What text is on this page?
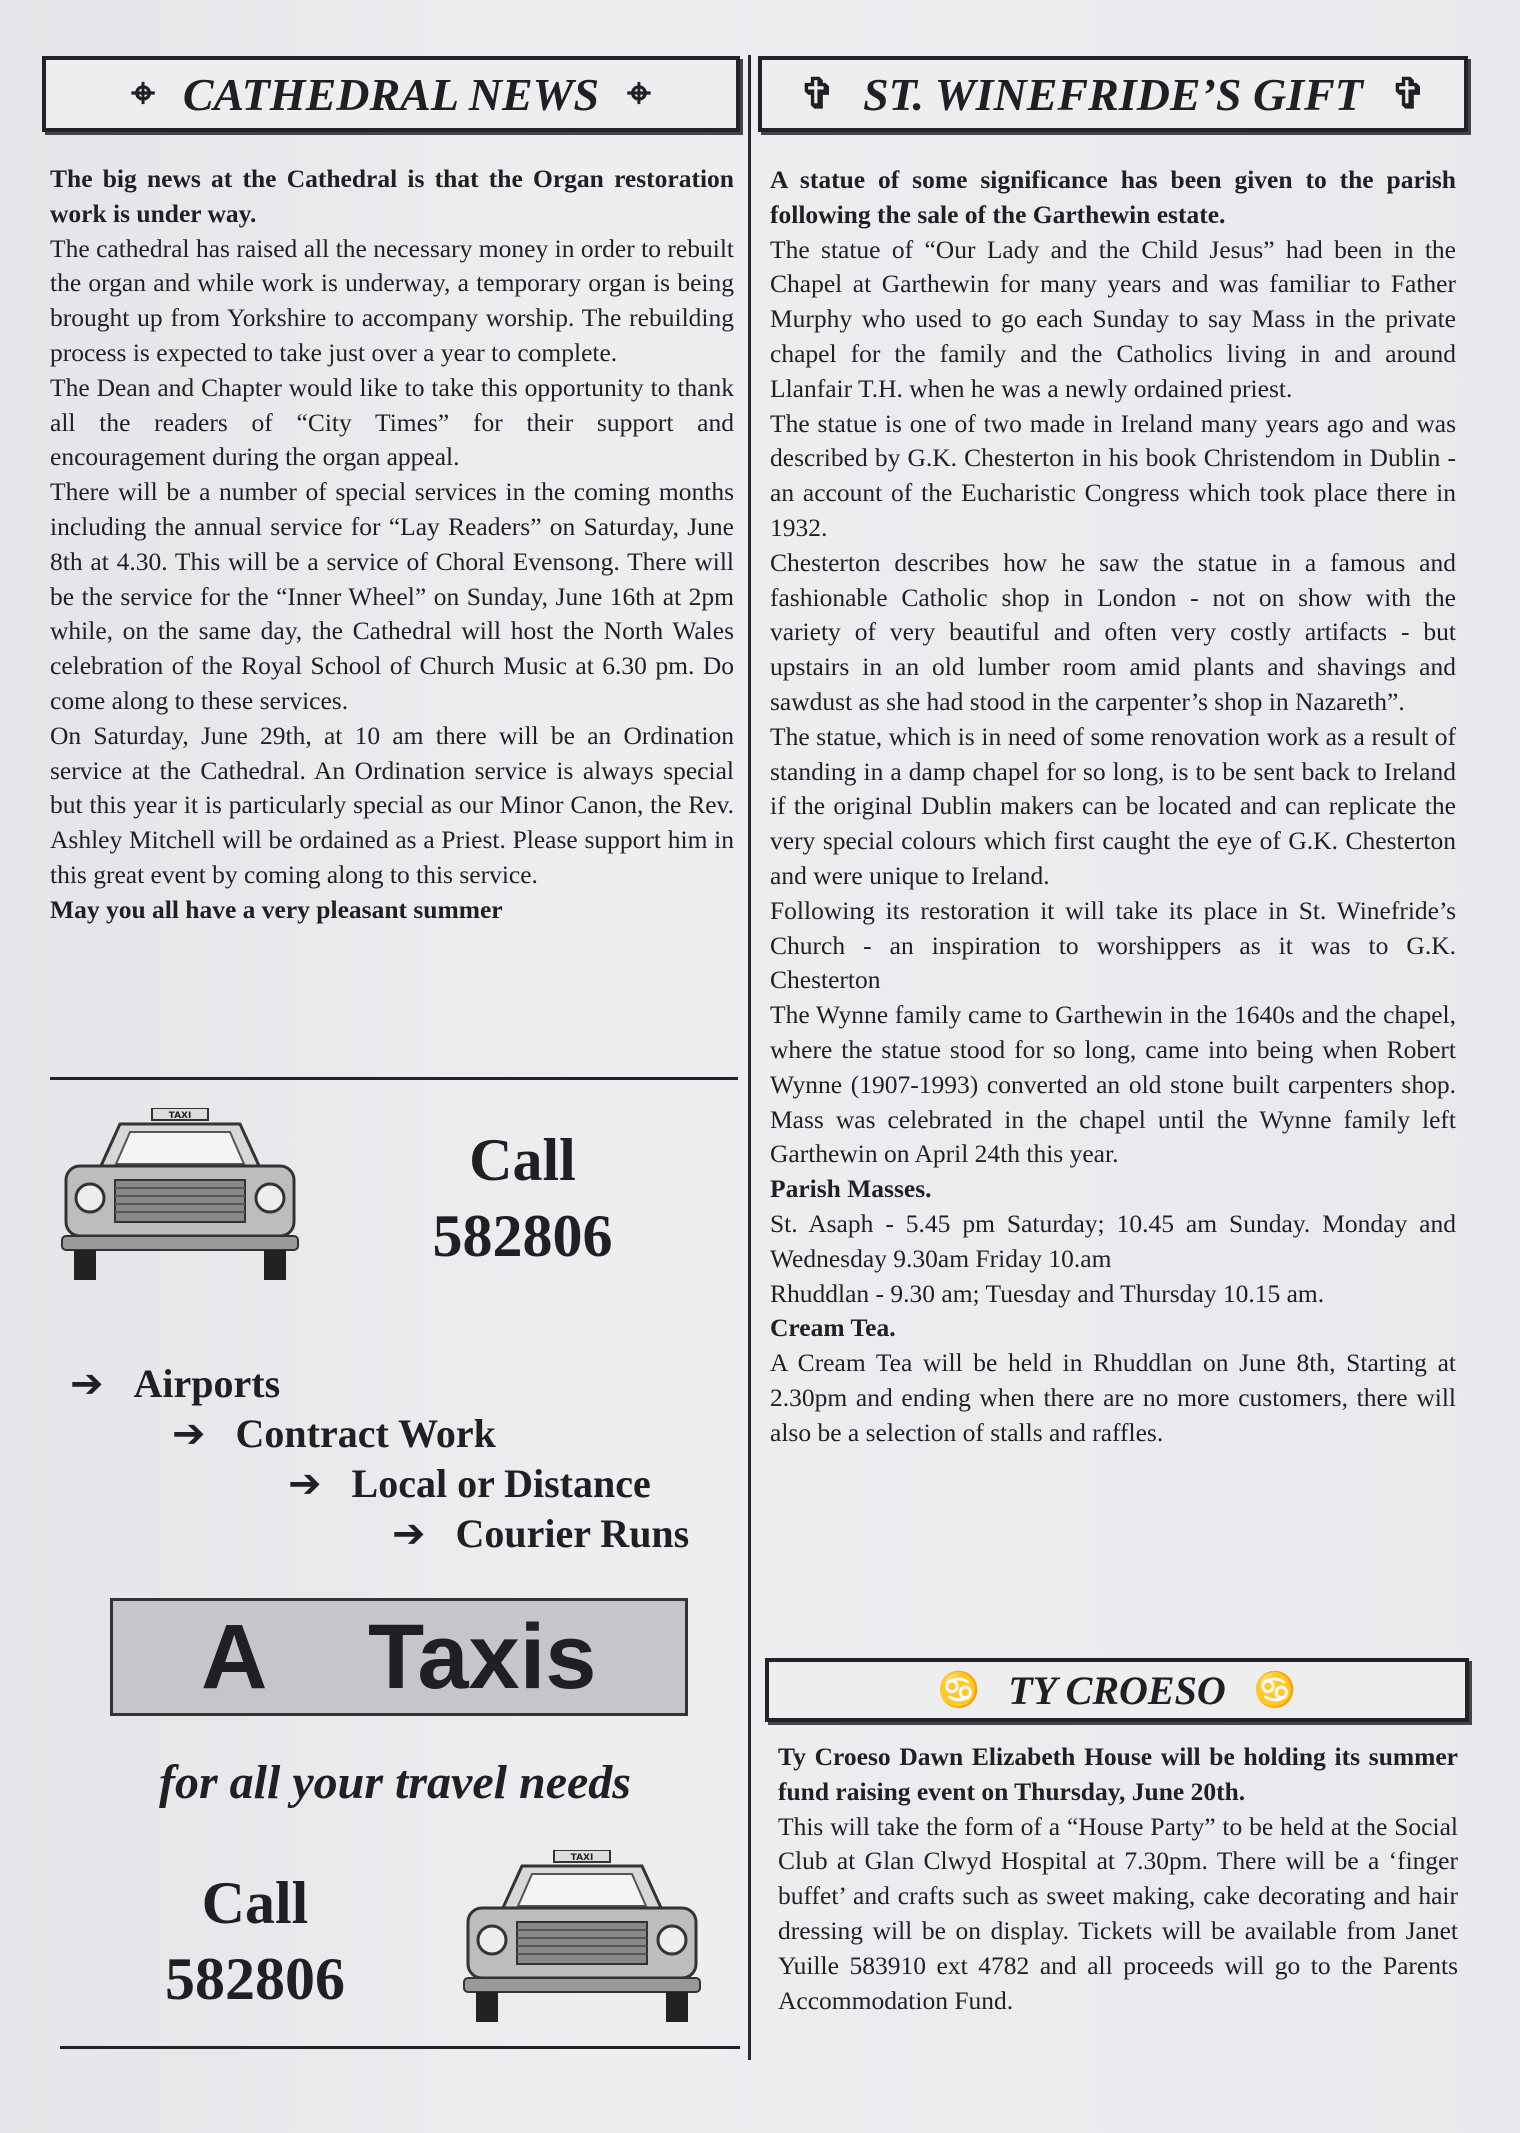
⌖ CATHEDRAL NEWS ⌖	✞ ST. WINEFRIDE’S GIFT ✞

The big news at the Cathedral is that the Organ restoration work is under way.

The cathedral has raised all the necessary money in order to rebuilt the organ and while work is underway, a temporary organ is being brought up from Yorkshire to accompany worship. The rebuilding process is expected to take just over a year to complete.

The Dean and Chapter would like to take this opportunity to thank all the readers of “City Times” for their support and encouragement during the organ appeal.

There will be a number of special services in the coming months including the annual service for “Lay Readers” on Saturday, June 8th at 4.30. This will be a service of Choral Evensong. There will be the service for the “Inner Wheel” on Sunday, June 16th at 2pm while, on the same day, the Cathedral will host the North Wales celebration of the Royal School of Church Music at 6.30 pm. Do come along to these services.

On Saturday, June 29th, at 10 am there will be an Ordination service at the Cathedral. An Ordination service is always special but this year it is particularly special as our Minor Canon, the Rev. Ashley Mitchell will be ordained as a Priest. Please support him in this great event by coming along to this service.

May you all have a very pleasant summer

TAXI
Call
582806
➔ Airports
➔ Contract Work
➔ Local or Distance
➔ Courier Runs
A Taxis
for all your travel needs
Call
582806
TAXI

A statue of some significance has been given to the parish following the sale of the Garthewin estate.

The statue of “Our Lady and the Child Jesus” had been in the Chapel at Garthewin for many years and was familiar to Father Murphy who used to go each Sunday to say Mass in the private chapel for the family and the Catholics living in and around Llanfair T.H. when he was a newly ordained priest.

The statue is one of two made in Ireland many years ago and was described by G.K. Chesterton in his book Christendom in Dublin - an account of the Eucharistic Congress which took place there in 1932.

Chesterton describes how he saw the statue in a famous and fashionable Catholic shop in London - not on show with the variety of very beautiful and often very costly artifacts - but upstairs in an old lumber room amid plants and shavings and sawdust as she had stood in the carpenter’s shop in Nazareth”.

The statue, which is in need of some renovation work as a result of standing in a damp chapel for so long, is to be sent back to Ireland if the original Dublin makers can be located and can replicate the very special colours which first caught the eye of G.K. Chesterton and were unique to Ireland.

Following its restoration it will take its place in St. Winefride’s Church - an inspiration to worshippers as it was to G.K. Chesterton

The Wynne family came to Garthewin in the 1640s and the chapel, where the statue stood for so long, came into being when Robert Wynne (1907-1993) converted an old stone built carpenters shop. Mass was celebrated in the chapel until the Wynne family left Garthewin on April 24th this year.

Parish Masses.

St. Asaph - 5.45 pm Saturday; 10.45 am Sunday. Monday and Wednesday 9.30am Friday 10.am

Rhuddlan - 9.30 am; Tuesday and Thursday 10.15 am.

Cream Tea.

A Cream Tea will be held in Rhuddlan on June 8th, Starting at 2.30pm and ending when there are no more customers, there will also be a selection of stalls and raffles.

♋ TY CROESO ♋

Ty Croeso Dawn Elizabeth House will be holding its summer fund raising event on Thursday, June 20th.

This will take the form of a “House Party” to be held at the Social Club at Glan Clwyd Hospital at 7.30pm. There will be a ‘finger buffet’ and crafts such as sweet making, cake decorating and hair dressing will be on display. Tickets will be available from Janet Yuille 583910 ext 4782 and all proceeds will go to the Parents Accommodation Fund.
